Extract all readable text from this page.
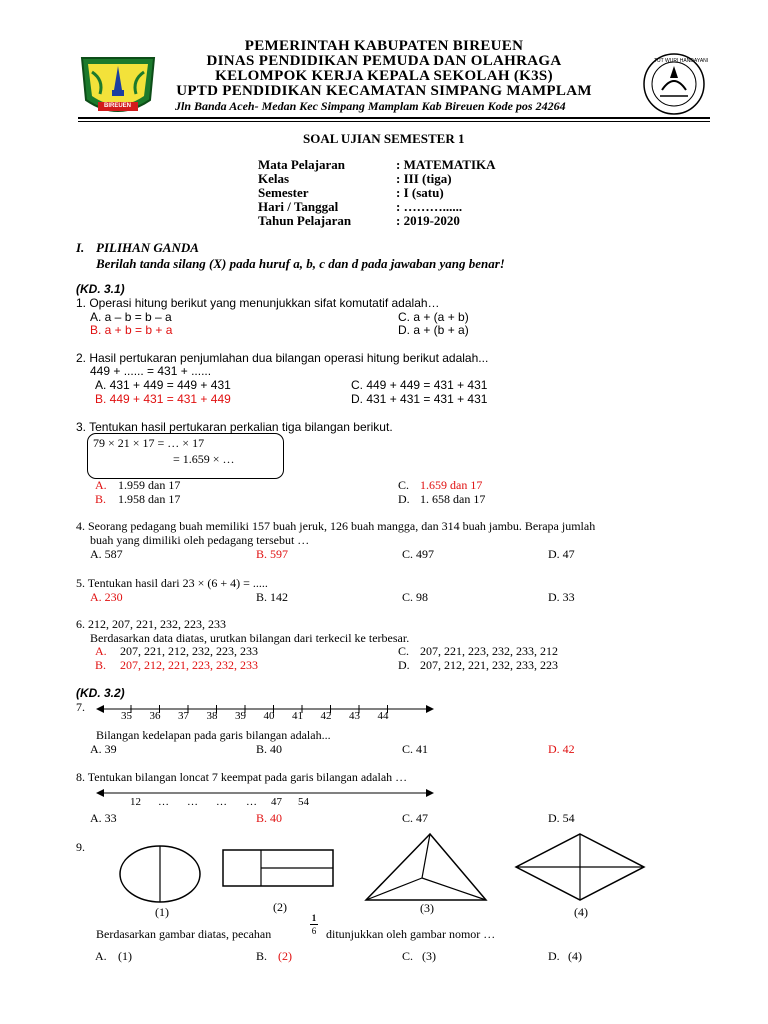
BIREUEN
TUT WURI HANDAYANI
PEMERINTAH KABUPATEN BIREUEN
DINAS PENDIDIKAN PEMUDA DAN OLAHRAGA
KELOMPOK KERJA KEPALA SEKOLAH (K3S)
UPTD PENDIDIKAN KECAMATAN SIMPANG MAMPLAM
Jln Banda Aceh- Medan Kec Simpang Mamplam Kab Bireuen Kode pos 24264
SOAL UJIAN SEMESTER 1
Mata Pelajaran	: MATEMATIKA
Kelas	: III (tiga)
Semester	: I (satu)
Hari / Tanggal	: ………......
Tahun Pelajaran	: 2019-2020
I. PILIHAN GANDA
Berilah tanda silang (X) pada huruf a, b, c dan d pada jawaban yang benar!
(KD. 3.1)
1. Operasi hitung berikut yang menunjukkan sifat komutatif adalah…
A. a – b = b – a
B. a + b = b + a
C. a + (a + b)
D. a + (b + a)
2. Hasil pertukaran penjumlahan dua bilangan operasi hitung berikut adalah...
449 + ...... = 431 + ......
A. 431 + 449 = 449 + 431
B. 449 + 431 = 431 + 449
C. 449 + 449 = 431 + 431
D. 431 + 431 = 431 + 431
3. Tentukan hasil pertukaran perkalian tiga bilangan berikut.
79 × 21 × 17 = … × 17
= 1.659 × …
A. 1.959 dan 17
B. 1.958 dan 17
C. 1.659 dan 17
D. 1. 658 dan 17
4. Seorang pedagang buah memiliki 157 buah jeruk, 126 buah mangga, dan 314 buah jambu. Berapa jumlah
buah yang dimiliki oleh pedagang tersebut …
A. 587	B. 597	C. 497	D. 47
5. Tentukan hasil dari 23 × (6 + 4) = .....
A. 230	B. 142	C. 98	D. 33
6. 212, 207, 221, 232, 223, 233
Berdasarkan data diatas, urutkan bilangan dari terkecil ke terbesar.
A. 207, 221, 212, 232, 223, 233
B. 207, 212, 221, 223, 232, 233
C. 207, 221, 223, 232, 233, 212
D. 207, 212, 221, 232, 233, 223
(KD. 3.2)
7.
35 36 37 38 39 40 41 42 43 44
Bilangan kedelapan pada garis bilangan adalah...
A. 39	B. 40	C. 41	D. 42
8. Tentukan bilangan loncat 7 keempat pada garis bilangan adalah …
12 … … … … 47 54
A. 33	B. 40	C. 47	D. 54
9.
(1)	(2)	(3)	(4)
Berdasarkan gambar diatas, pecahan
1
6 ditunjukkan oleh gambar nomor …
A. (1)	B. (2)	C. (3)	D. (4)
